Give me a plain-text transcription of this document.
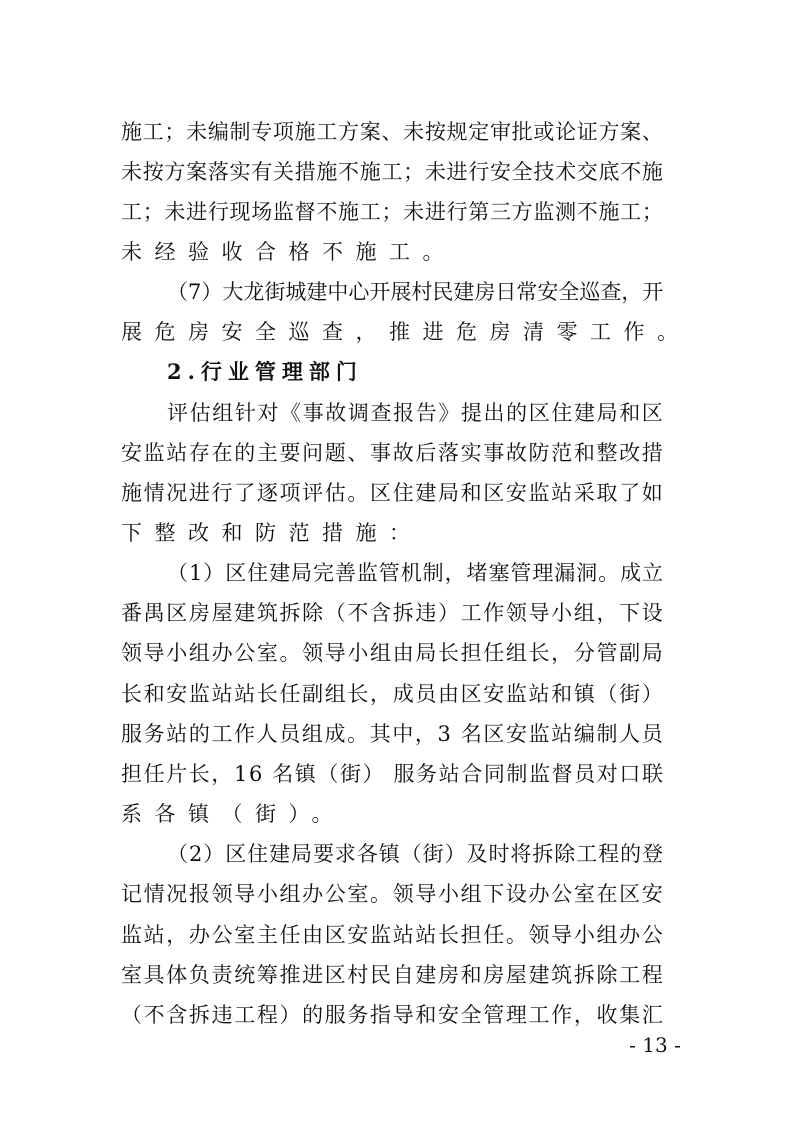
施 工 ； 未 编 制 专 项 施 工 方 案 、 未 按 规 定 审 批 或 论 证 方 案 、
未 按 方 案 落 实 有 关 措 施 不 施 工 ； 未 进 行 安 全 技 术 交 底 不 施
工 ； 未 进 行 现 场 监 督 不 施 工 ； 未 进 行 第 三 方 监 测 不 施 工 ；
未经验收合格不施工。
（ 7 ） 大 龙 街 城 建 中 心 开 展 村 民 建 房 日 常 安 全 巡 查 ， 开
展危房安全巡查，推进危房清零工作。
2.行业管理部门
评 估 组 针 对 《 事 故 调 查 报 告 》 提 出 的 区 住 建 局 和 区
安 监 站 存 在 的 主 要 问 题 、 事 故 后 落 实 事 故 防 范 和 整 改 措
施 情 况 进 行 了 逐 项 评 估 。 区 住 建 局 和 区 安 监 站 采 取 了 如
下整改和防范措施：
（ 1 ） 区 住 建 局 完 善 监 管 机 制 ， 堵 塞 管 理 漏 洞 。 成 立
番 禺 区 房 屋 建 筑 拆 除 （ 不 含 拆 违 ） 工 作 领 导 小 组 ， 下 设
领 导 小 组 办 公 室 。 领 导 小 组 由 局 长 担 任 组 长 ， 分 管 副 局
长 和 安 监 站 站 长 任 副 组 长 ， 成 员 由 区 安 监 站 和 镇 （ 街 ）
服 务 站 的 工 作 人 员 组 成 。 其 中 ， 3
名 区 安 监 站 编 制 人 员
担 任 片 长 ， 1 6
名 镇 （ 街 ）
服 务 站 合 同 制 监 督 员 对 口 联
系各镇（街）。
（ 2 ） 区 住 建 局 要 求 各 镇 （ 街 ） 及 时 将 拆 除 工 程 的 登
记 情 况 报 领 导 小 组 办 公 室 。 领 导 小 组 下 设 办 公 室 在 区 安
监 站 ， 办 公 室 主 任 由 区 安 监 站 站 长 担 任 。 领 导 小 组 办 公
室 具 体 负 责 统 筹 推 进 区 村 民 自 建 房 和 房 屋 建 筑 拆 除 工 程
（ 不 含 拆 违 工 程 ） 的 服 务 指 导 和 安 全 管 理 工 作 ， 收 集 汇
- 13 -
